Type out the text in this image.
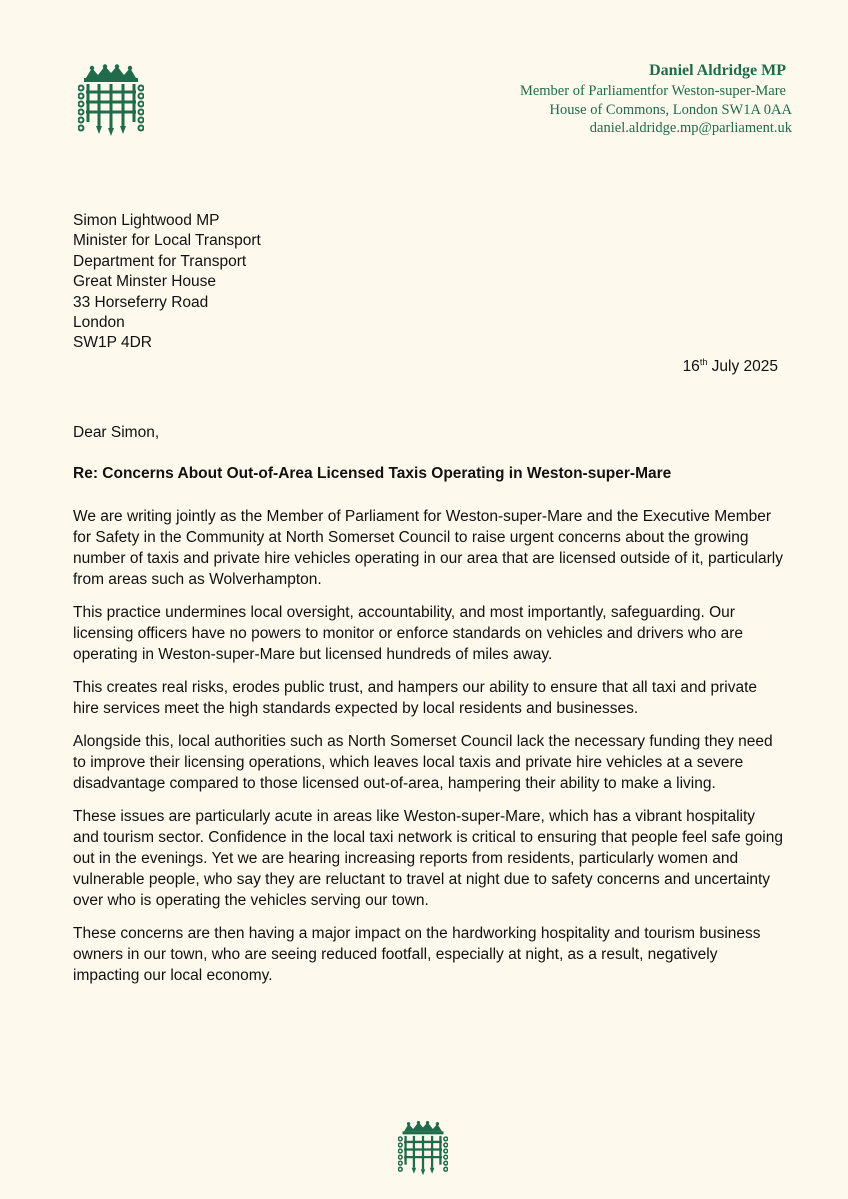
Daniel Aldridge MP
Member of Parliamentfor Weston-super-Mare
House of Commons, London SW1A 0AA
daniel.aldridge.mp@parliament.uk
Simon Lightwood MP
Minister for Local Transport
Department for Transport
Great Minster House
33 Horseferry Road
London
SW1P 4DR
16th July 2025
Dear Simon,
Re: Concerns About Out-of-Area Licensed Taxis Operating in Weston-super-Mare

We are writing jointly as the Member of Parliament for Weston-super-Mare and the Executive Member for Safety in the Community at North Somerset Council to raise urgent concerns about the growing number of taxis and private hire vehicles operating in our area that are licensed outside of it, particularly from areas such as Wolverhampton.

This practice undermines local oversight, accountability, and most importantly, safeguarding. Our licensing officers have no powers to monitor or enforce standards on vehicles and drivers who are operating in Weston-super-Mare but licensed hundreds of miles away.

This creates real risks, erodes public trust, and hampers our ability to ensure that all taxi and private hire services meet the high standards expected by local residents and businesses.

Alongside this, local authorities such as North Somerset Council lack the necessary funding they need to improve their licensing operations, which leaves local taxis and private hire vehicles at a severe disadvantage compared to those licensed out-of-area, hampering their ability to make a living.

These issues are particularly acute in areas like Weston-super-Mare, which has a vibrant hospitality and tourism sector. Confidence in the local taxi network is critical to ensuring that people feel safe going out in the evenings. Yet we are hearing increasing reports from residents, particularly women and vulnerable people, who say they are reluctant to travel at night due to safety concerns and uncertainty over who is operating the vehicles serving our town.

These concerns are then having a major impact on the hardworking hospitality and tourism business owners in our town, who are seeing reduced footfall, especially at night, as a result, negatively impacting our local economy.
